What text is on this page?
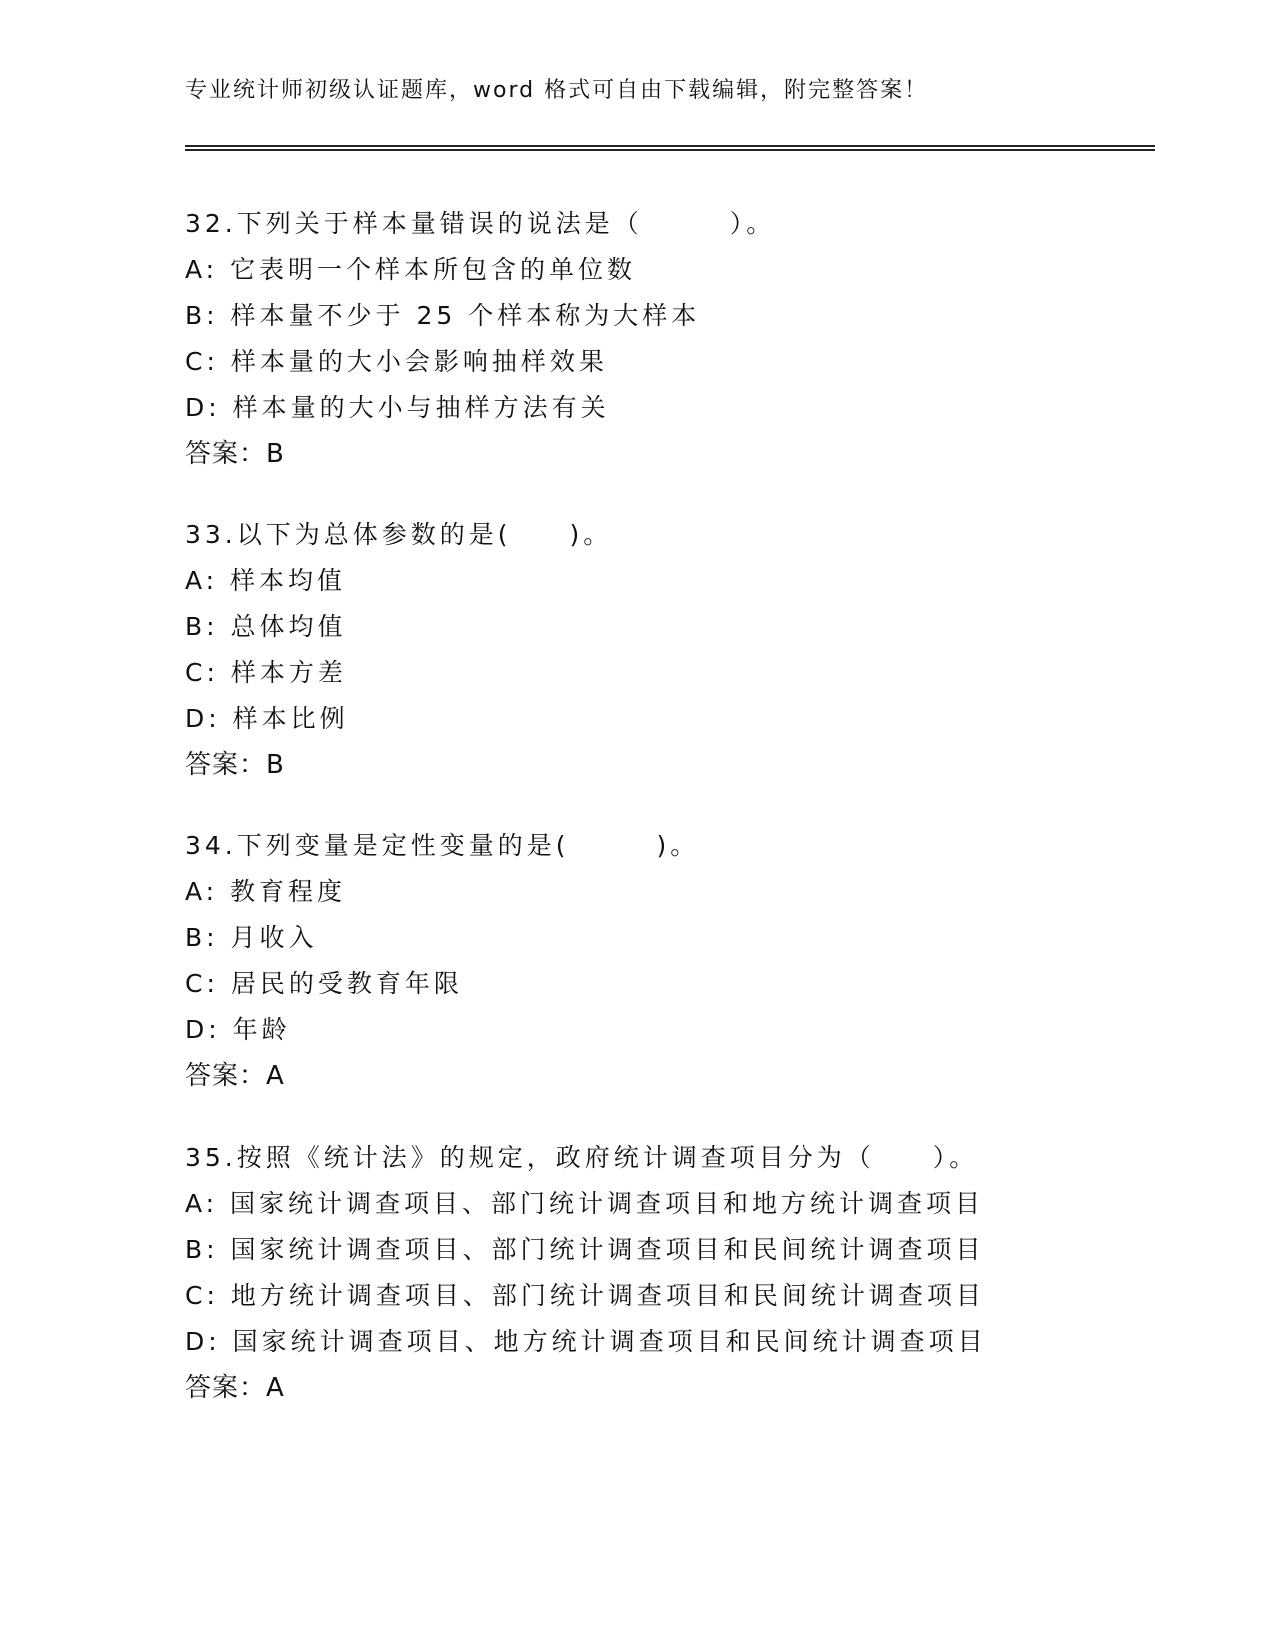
专业统计师初级认证题库，word 格式可自由下载编辑，附完整答案！
32.下列关于样本量错误的说法是（　　　）。
A: 它表明一个样本所包含的单位数
B: 样本量不少于 25 个样本称为大样本
C: 样本量的大小会影响抽样效果
D: 样本量的大小与抽样方法有关
答案：B
33.以下为总体参数的是(　　)。
A: 样本均值
B: 总体均值
C: 样本方差
D: 样本比例
答案：B
34.下列变量是定性变量的是(　　　)。
A: 教育程度
B: 月收入
C: 居民的受教育年限
D: 年龄
答案：A
35.按照《统计法》的规定，政府统计调查项目分为（　　）。
A: 国家统计调查项目、部门统计调查项目和地方统计调查项目
B: 国家统计调查项目、部门统计调查项目和民间统计调查项目
C: 地方统计调查项目、部门统计调查项目和民间统计调查项目
D: 国家统计调查项目、地方统计调查项目和民间统计调查项目
答案：A
